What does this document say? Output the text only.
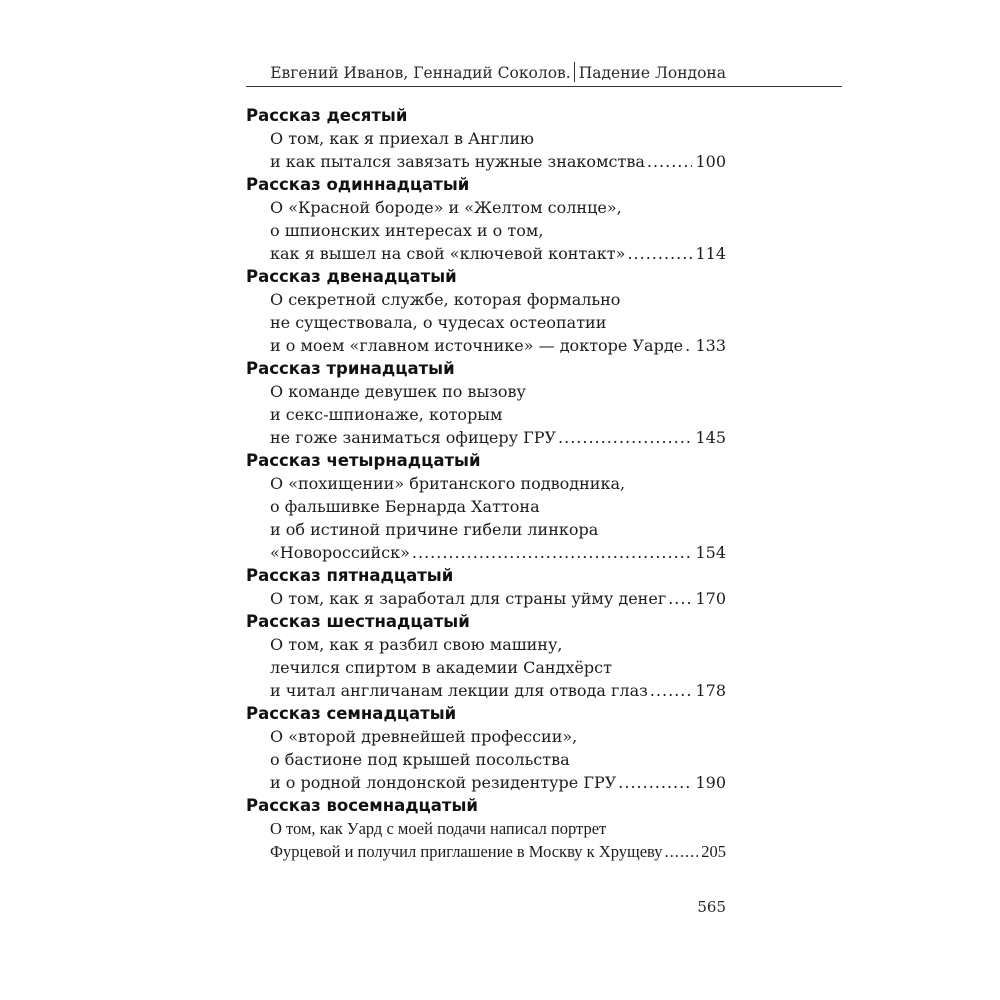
Евгений Иванов, Геннадий Соколов. Падение Лондона
Рассказ десятый
О том, как я приехал в Англию
и как пытался завязать нужные знакомства .....	100
Рассказ одиннадцатый
О «Красной бороде» и «Желтом солнце»,
о шпионских интересах и о том,
как я вышел на свой «ключевой контакт» .....	114
Рассказ двенадцатый
О секретной службе, которая формально
не существовала, о чудесах остеопатии
и о моем «главном источнике» — докторе Уарде ..... 133
Рассказ тринадцатый
О команде девушек по вызову
и секс-шпионаже, которым
не гоже заниматься офицеру ГРУ .....	145
Рассказ четырнадцатый
О «похищении» британского подводника,
о фальшивке Бернарда Хаттона
и об истиной причине гибели линкора
«Новороссийск» .....	154
Рассказ пятнадцатый
О том, как я заработал для страны уйму денег ..... 170
Рассказ шестнадцатый
О том, как я разбил свою машину,
лечился спиртом в академии Сандхёрст
и читал англичанам лекции для отвода глаз .....	178
Рассказ семнадцатый
О «второй древнейшей профессии»,
о бастионе под крышей посольства
и о родной лондонской резидентуре ГРУ .....	190
Рассказ восемнадцатый
О том, как Уард с моей подачи написал портрет
Фурцевой и получил приглашение в Москву к Хрущеву ..... 205
565
